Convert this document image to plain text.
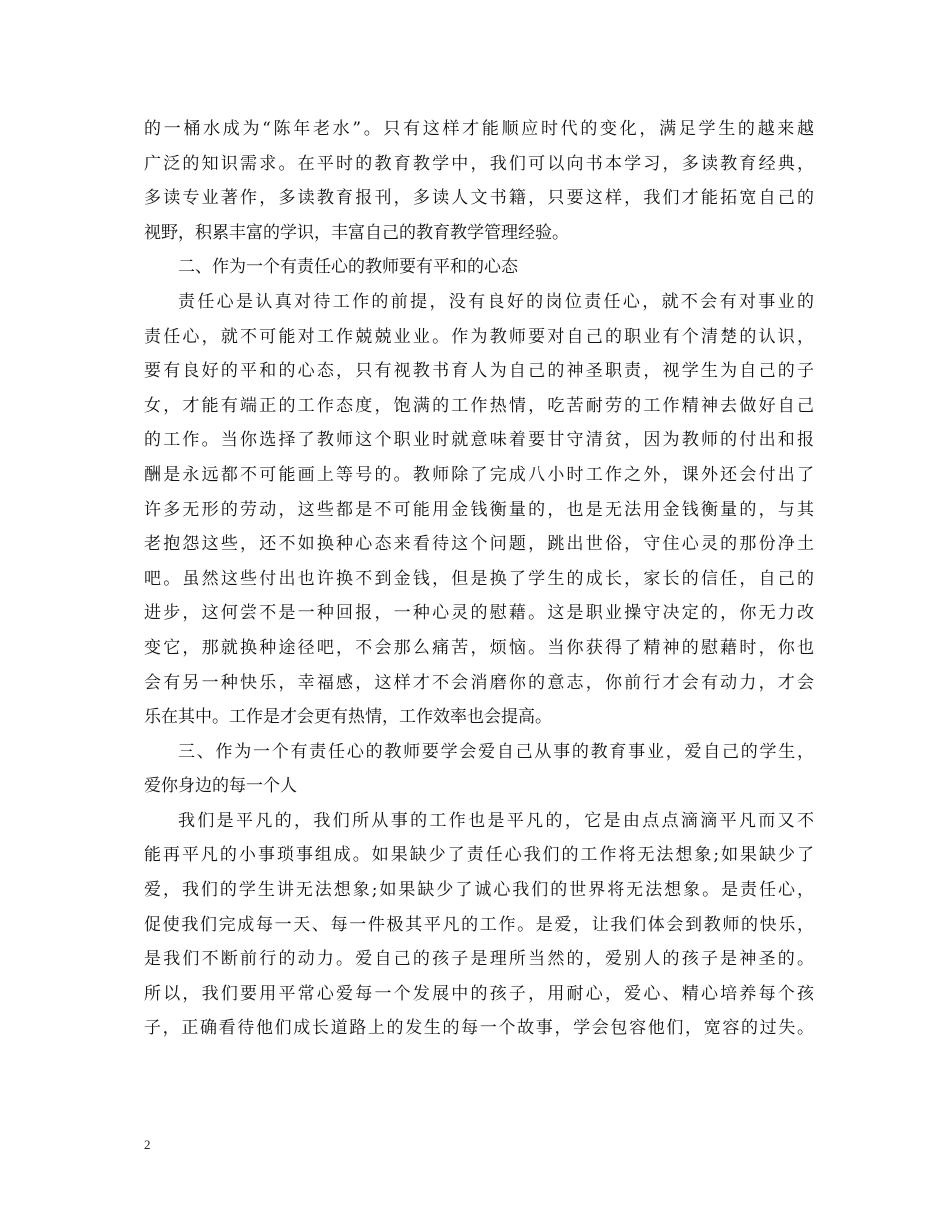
的一桶水成为“陈年老水”。只有这样才能顺应时代的变化，满足学生的越来越
广泛的知识需求。在平时的教育教学中，我们可以向书本学习，多读教育经典，
多读专业著作，多读教育报刊，多读人文书籍，只要这样，我们才能拓宽自己的
视野，积累丰富的学识，丰富自己的教育教学管理经验。
二、作为一个有责任心的教师要有平和的心态
责任心是认真对待工作的前提，没有良好的岗位责任心，就不会有对事业的
责任心，就不可能对工作兢兢业业。作为教师要对自己的职业有个清楚的认识，
要有良好的平和的心态，只有视教书育人为自己的神圣职责，视学生为自己的子
女，才能有端正的工作态度，饱满的工作热情，吃苦耐劳的工作精神去做好自己
的工作。当你选择了教师这个职业时就意味着要甘守清贫，因为教师的付出和报
酬是永远都不可能画上等号的。教师除了完成八小时工作之外，课外还会付出了
许多无形的劳动，这些都是不可能用金钱衡量的，也是无法用金钱衡量的，与其
老抱怨这些，还不如换种心态来看待这个问题，跳出世俗，守住心灵的那份净土
吧。虽然这些付出也许换不到金钱，但是换了学生的成长，家长的信任，自己的
进步，这何尝不是一种回报，一种心灵的慰藉。这是职业操守决定的，你无力改
变它，那就换种途径吧，不会那么痛苦，烦恼。当你获得了精神的慰藉时，你也
会有另一种快乐，幸福感，这样才不会消磨你的意志，你前行才会有动力，才会
乐在其中。工作是才会更有热情，工作效率也会提高。
三、作为一个有责任心的教师要学会爱自己从事的教育事业，爱自己的学生，
爱你身边的每一个人
我们是平凡的，我们所从事的工作也是平凡的，它是由点点滴滴平凡而又不
能再平凡的小事琐事组成。如果缺少了责任心我们的工作将无法想象;如果缺少了
爱，我们的学生讲无法想象;如果缺少了诚心我们的世界将无法想象。是责任心，
促使我们完成每一天、每一件极其平凡的工作。是爱，让我们体会到教师的快乐，
是我们不断前行的动力。爱自己的孩子是理所当然的，爱别人的孩子是神圣的。
所以，我们要用平常心爱每一个发展中的孩子，用耐心，爱心、精心培养每个孩
子，正确看待他们成长道路上的发生的每一个故事，学会包容他们，宽容的过失。
2
